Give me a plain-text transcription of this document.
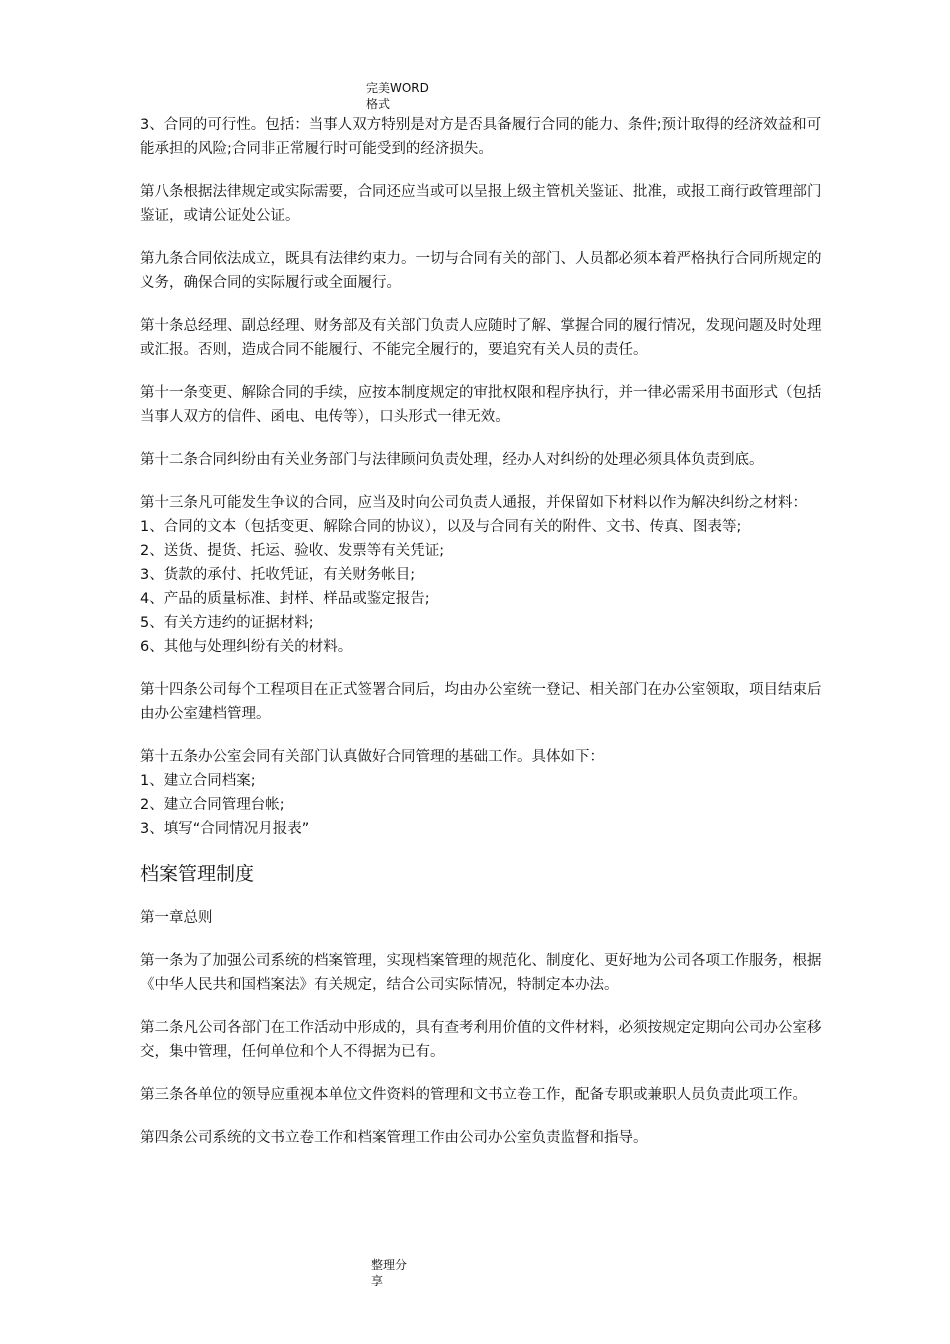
完美WORD格式

3、合同的可行性。包括：当事人双方特别是对方是否具备履行合同的能力、条件;预计取得的经济效益和可能承担的风险;合同非正常履行时可能受到的经济损失。

第八条根据法律规定或实际需要，合同还应当或可以呈报上级主管机关鉴证、批准，或报工商行政管理部门鉴证，或请公证处公证。

第九条合同依法成立，既具有法律约束力。一切与合同有关的部门、人员都必须本着严格执行合同所规定的义务，确保合同的实际履行或全面履行。

第十条总经理、副总经理、财务部及有关部门负责人应随时了解、掌握合同的履行情况，发现问题及时处理或汇报。否则，造成合同不能履行、不能完全履行的，要追究有关人员的责任。

第十一条变更、解除合同的手续，应按本制度规定的审批权限和程序执行，并一律必需采用书面形式（包括当事人双方的信件、函电、电传等），口头形式一律无效。

第十二条合同纠纷由有关业务部门与法律顾问负责处理，经办人对纠纷的处理必须具体负责到底。

第十三条凡可能发生争议的合同，应当及时向公司负责人通报，并保留如下材料以作为解决纠纷之材料：

1、合同的文本（包括变更、解除合同的协议），以及与合同有关的附件、文书、传真、图表等;
2、送货、提货、托运、验收、发票等有关凭证;
3、货款的承付、托收凭证，有关财务帐目;
4、产品的质量标准、封样、样品或鉴定报告;
5、有关方违约的证据材料;
6、其他与处理纠纷有关的材料。

第十四条公司每个工程项目在正式签署合同后，均由办公室统一登记、相关部门在办公室领取，项目结束后由办公室建档管理。

第十五条办公室会同有关部门认真做好合同管理的基础工作。具体如下：

1、建立合同档案;
2、建立合同管理台帐;
3、填写“合同情况月报表”
档案管理制度
第一章总则

第一条为了加强公司系统的档案管理，实现档案管理的规范化、制度化、更好地为公司各项工作服务，根据《中华人民共和国档案法》有关规定，结合公司实际情况，特制定本办法。

第二条凡公司各部门在工作活动中形成的，具有查考利用价值的文件材料，必须按规定定期向公司办公室移交，集中管理，任何单位和个人不得据为已有。

第三条各单位的领导应重视本单位文件资料的管理和文书立卷工作，配备专职或兼职人员负责此项工作。

第四条公司系统的文书立卷工作和档案管理工作由公司办公室负责监督和指导。

整理分享
